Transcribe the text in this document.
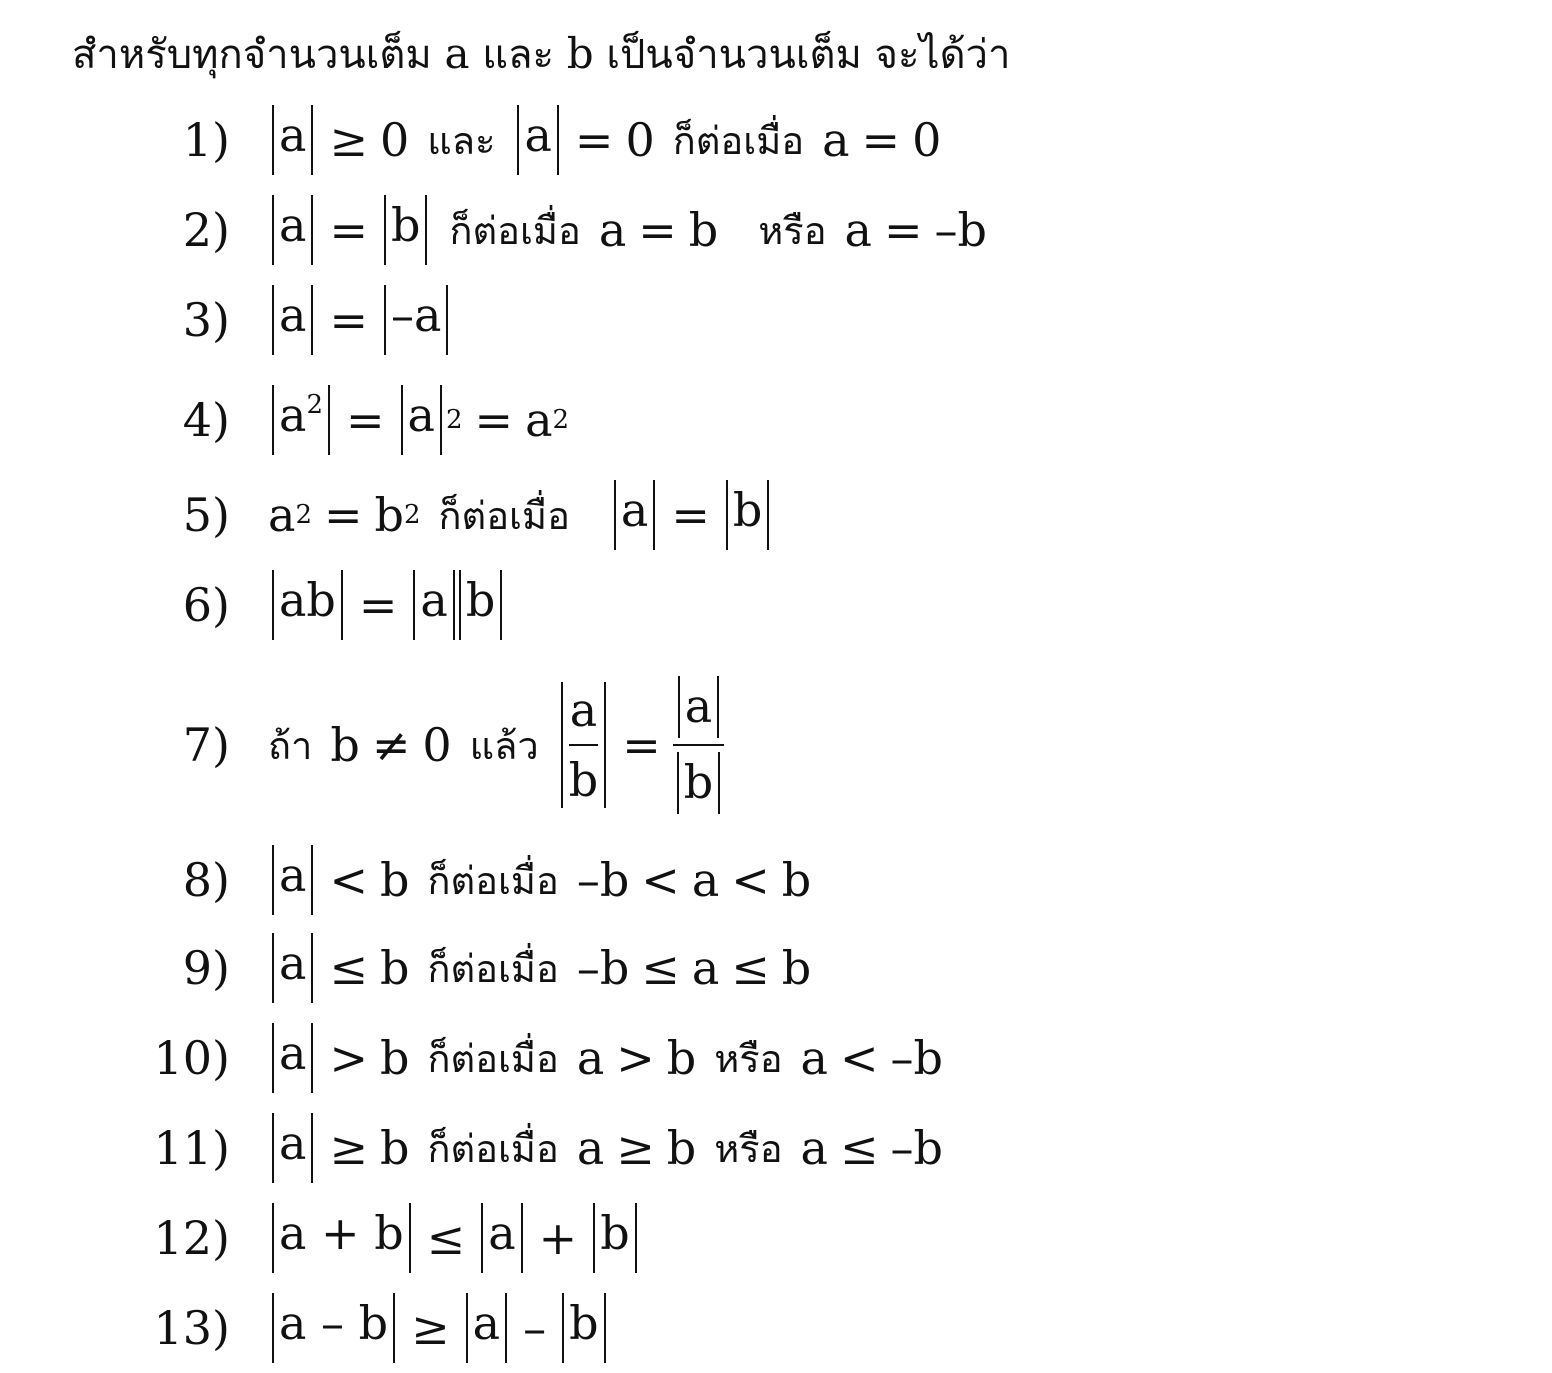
สำหรับทุกจำนวนเต็ม a และ b เป็นจำนวนเต็ม จะได้ว่า
1) a ≥ 0 และ a = 0 ก็ต่อเมื่อ a = 0
2) a = b ก็ต่อเมื่อ a = b หรือ a = –b
3) a = –a
4) $a^2 = a$ 2 = a 2
5) a 2 = b 2 ก็ต่อเมื่อ a = b
6) ab = a b
7) ถ้า b ≠ 0 แล้ว $\frac{a}{b} = \frac{a}{b}$
8) a < b ก็ต่อเมื่อ –b < a < b
9) a ≤ b ก็ต่อเมื่อ –b ≤ a ≤ b
10) a > b ก็ต่อเมื่อ a > b หรือ a < –b
11) a ≥ b ก็ต่อเมื่อ a ≥ b หรือ a ≤ –b
12) a + b ≤ a + b
13) a – b ≥ a – b
